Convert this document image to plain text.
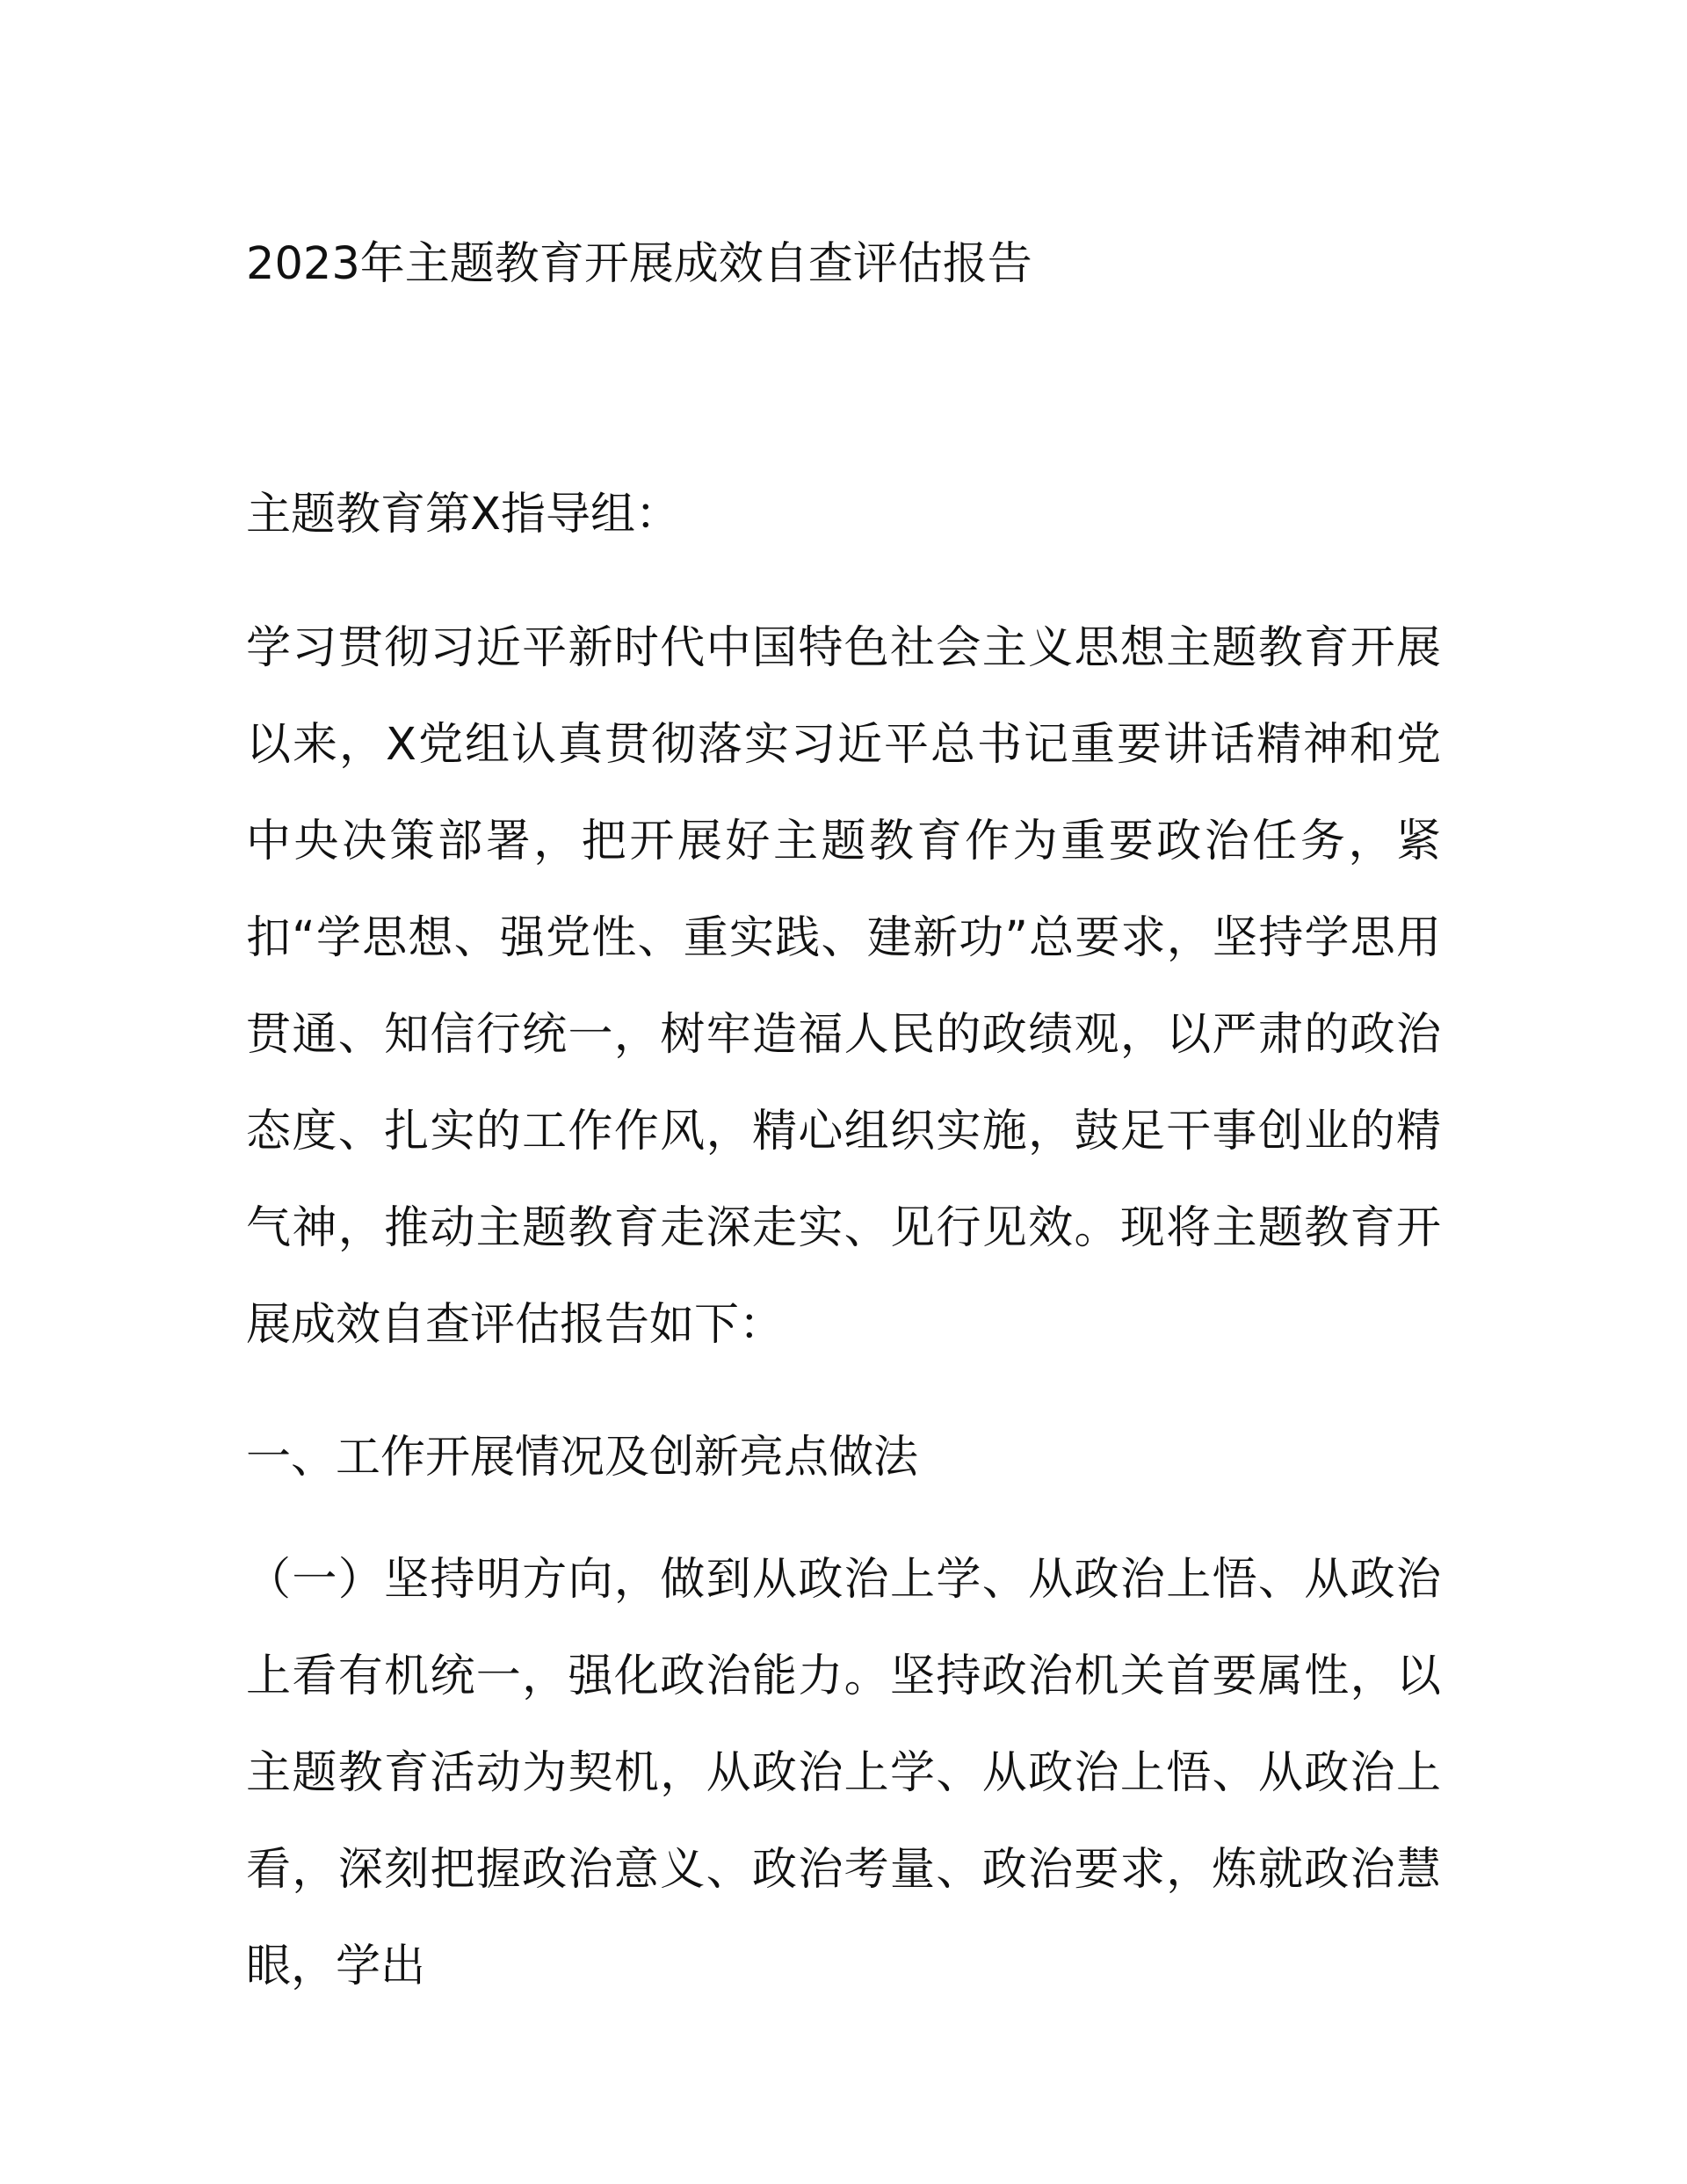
2023年主题教育开展成效自查评估报告

主题教育第X指导组：

学习贯彻习近平新时代中国特色社会主义思想主题教育开展以来，X党组认真贯彻落实习近平总书记重要讲话精神和党中央决策部署，把开展好主题教育作为重要政治任务，紧扣“学思想、强党性、重实践、建新功”总要求，坚持学思用贯通、知信行统一，树牢造福人民的政绩观，以严肃的政治态度、扎实的工作作风，精心组织实施，鼓足干事创业的精气神，推动主题教育走深走实、见行见效。现将主题教育开展成效自查评估报告如下：

一、工作开展情况及创新亮点做法

（一）坚持明方向，做到从政治上学、从政治上悟、从政治上看有机统一，强化政治能力。坚持政治机关首要属性，以主题教育活动为契机，从政治上学、从政治上悟、从政治上看，深刻把握政治意义、政治考量、政治要求，炼就政治慧眼，学出
